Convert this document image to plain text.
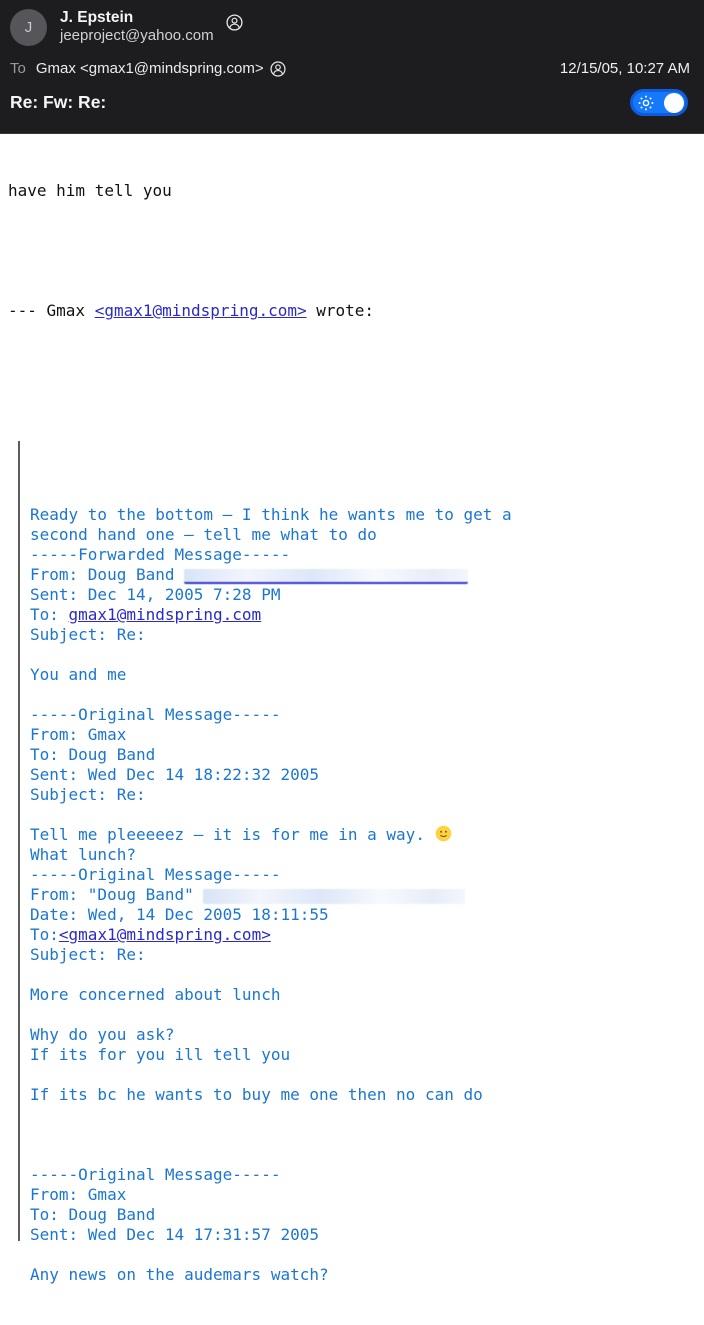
J
J. Epstein
jeeproject@yahoo.com
To Gmax <gmax1@mindspring.com>	12/15/05, 10:27 AM
Re: Fw: Re:

have him tell you

--- Gmax <gmax1@mindspring.com> wrote:

Ready to the bottom – I think he wants me to get a
second hand one – tell me what to do
-----Forwarded Message-----
From: Doug Band
Sent: Dec 14, 2005 7:28 PM
To: gmax1@mindspring.com
Subject: Re:

You and me

-----Original Message-----
From: Gmax
To: Doug Band
Sent: Wed Dec 14 18:22:32 2005
Subject: Re:

Tell me pleeeeez – it is for me in a way.
What lunch?
-----Original Message-----
From: "Doug Band"
Date: Wed, 14 Dec 2005 18:11:55
To:<gmax1@mindspring.com>
Subject: Re:

More concerned about lunch

Why do you ask?
If its for you ill tell you

If its bc he wants to buy me one then no can do

-----Original Message-----
From: Gmax
To: Doug Band
Sent: Wed Dec 14 17:31:57 2005

Any news on the audemars watch?
